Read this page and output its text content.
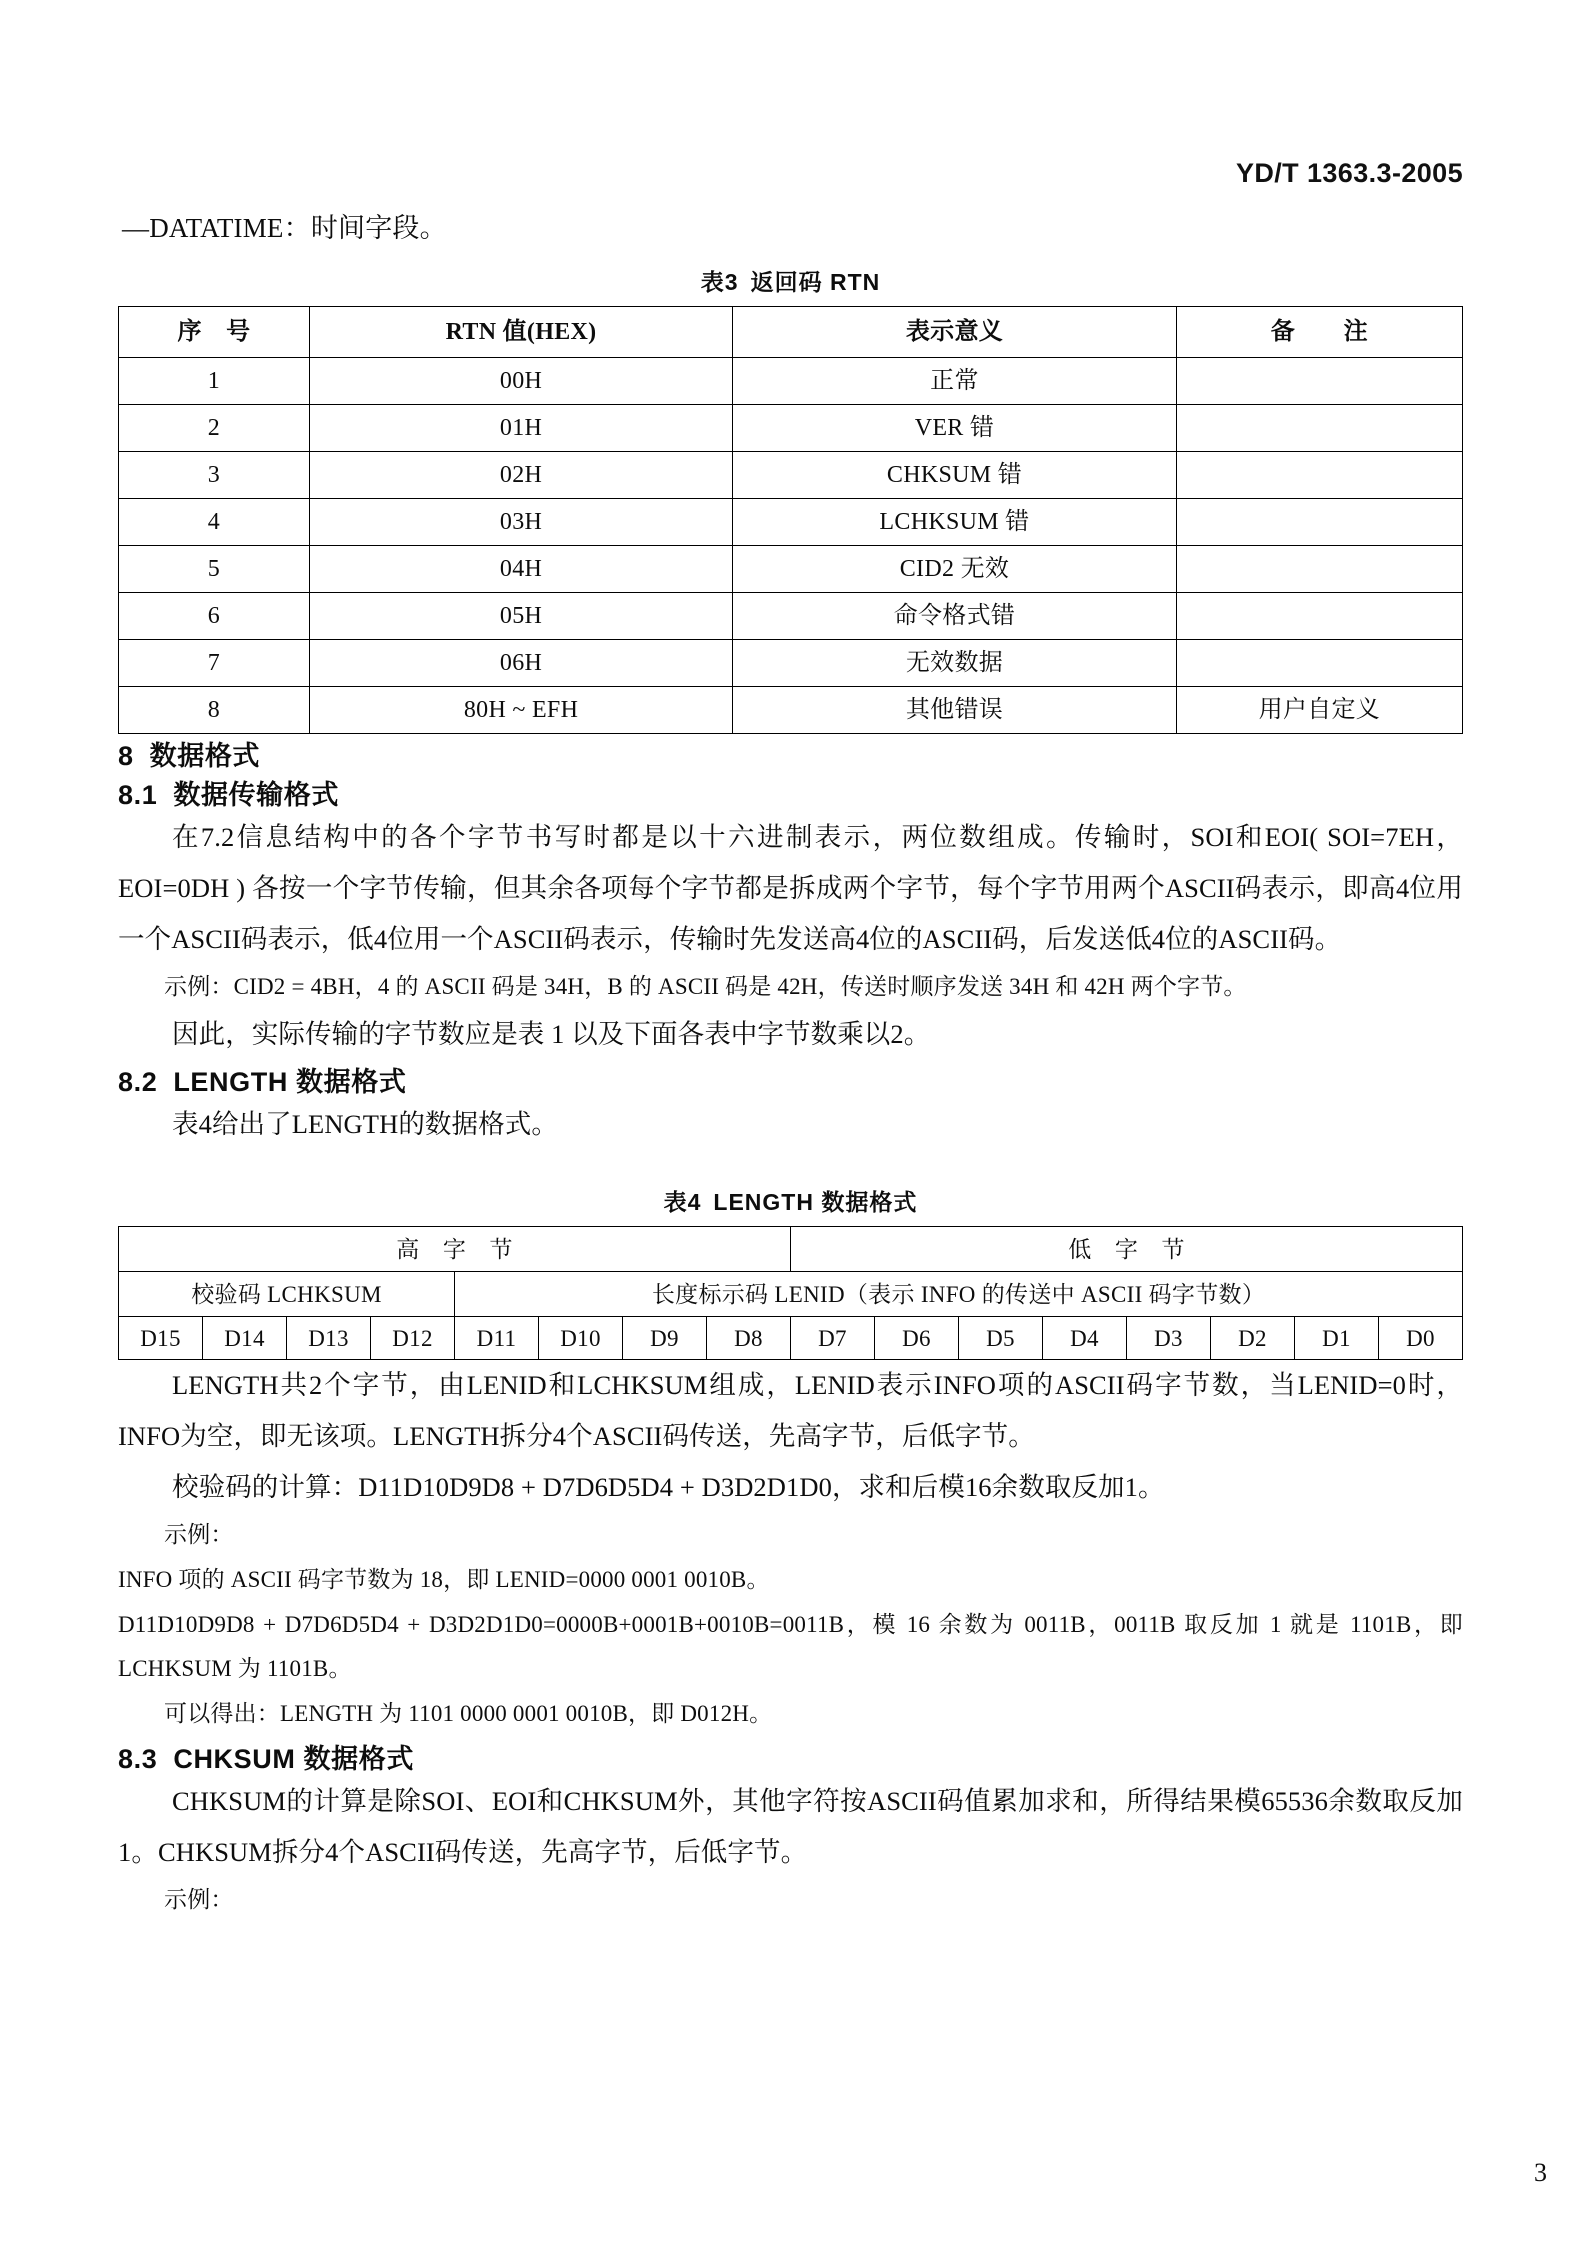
YD/T 1363.3-2005
—DATATIME：时间字段。
表3 返回码 RTN
序　号	RTN 值(HEX)	表示意义	备　　注
1	00H	正常	
2	01H	VER 错	
3	02H	CHKSUM 错	
4	03H	LCHKSUM 错	
5	04H	CID2 无效	
6	05H	命令格式错	
7	06H	无效数据	
8	80H ~ EFH	其他错误	用户自定义
8 数据格式
8.1 数据传输格式

在7.2信息结构中的各个字节书写时都是以十六进制表示，两位数组成。传输时，SOI和EOI( SOI=7EH，EOI=0DH ) 各按一个字节传输，但其余各项每个字节都是拆成两个字节，每个字节用两个ASCII码表示，即高4位用一个ASCII码表示，低4位用一个ASCII码表示，传输时先发送高4位的ASCII码，后发送低4位的ASCII码。

示例：CID2 = 4BH，4 的 ASCII 码是 34H，B 的 ASCII 码是 42H，传送时顺序发送 34H 和 42H 两个字节。

因此，实际传输的字节数应是表 1 以及下面各表中字节数乘以2。

8.2 LENGTH 数据格式

表4给出了LENGTH的数据格式。

表4 LENGTH 数据格式
高　字　节								低　字　节							
校验码 LCHKSUM				长度标示码 LENID（表示 INFO 的传送中 ASCII 码字节数）											
D15	D14	D13	D12	D11	D10	D9	D8	D7	D6	D5	D4	D3	D2	D1	D0

LENGTH共2个字节，由LENID和LCHKSUM组成，LENID表示INFO项的ASCII码字节数，当LENID=0时，INFO为空，即无该项。LENGTH拆分4个ASCII码传送，先高字节，后低字节。

校验码的计算：D11D10D9D8 + D7D6D5D4 + D3D2D1D0，求和后模16余数取反加1。

示例：

INFO 项的 ASCII 码字节数为 18，即 LENID=0000 0001 0010B。

D11D10D9D8 + D7D6D5D4 + D3D2D1D0=0000B+0001B+0010B=0011B，模 16 余数为 0011B，0011B 取反加 1 就是 1101B，即 LCHKSUM 为 1101B。

可以得出：LENGTH 为 1101 0000 0001 0010B，即 D012H。

8.3 CHKSUM 数据格式

CHKSUM的计算是除SOI、EOI和CHKSUM外，其他字符按ASCII码值累加求和，所得结果模65536余数取反加1。CHKSUM拆分4个ASCII码传送，先高字节，后低字节。

示例：

3
